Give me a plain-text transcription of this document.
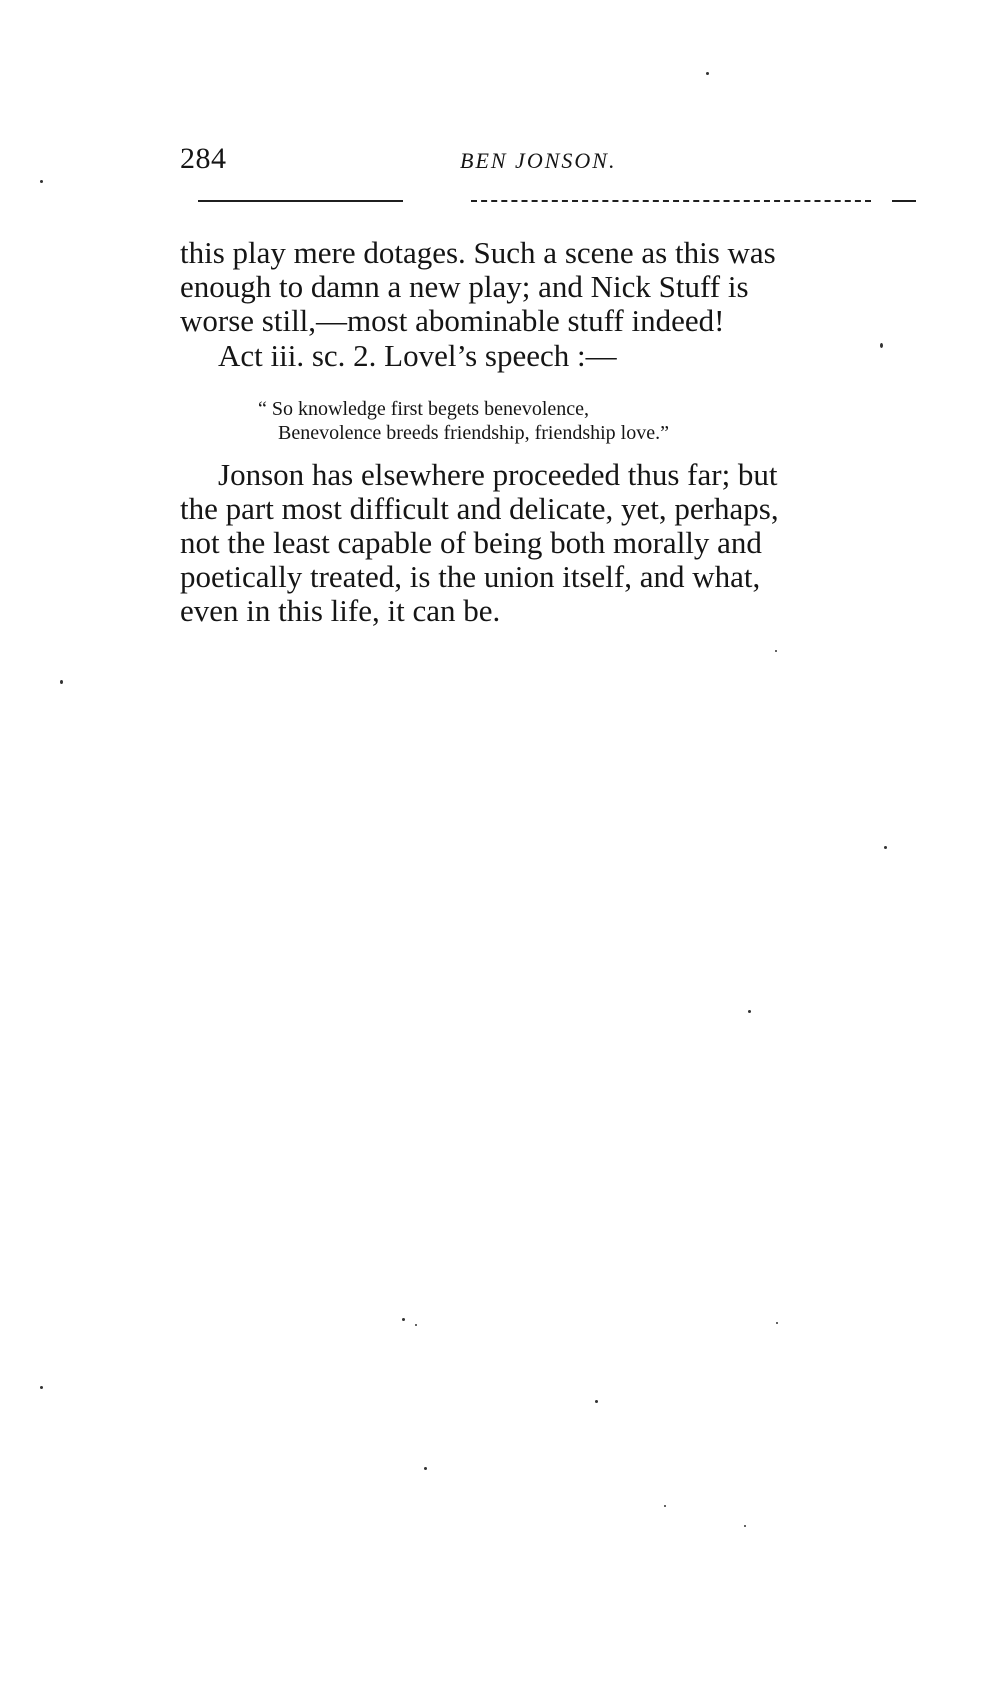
284	BEN JONSON.
this play mere dotages. Such a scene as this was
enough to damn a new play; and Nick Stuff is
worse still,—most abominable stuff indeed!
Act iii. sc. 2. Lovel’s speech :—
“ So knowledge first begets benevolence,
Benevolence breeds friendship, friendship love.”
Jonson has elsewhere proceeded thus far; but
the part most difficult and delicate, yet, perhaps,
not the least capable of being both morally and
poetically treated, is the union itself, and what,
even in this life, it can be.
